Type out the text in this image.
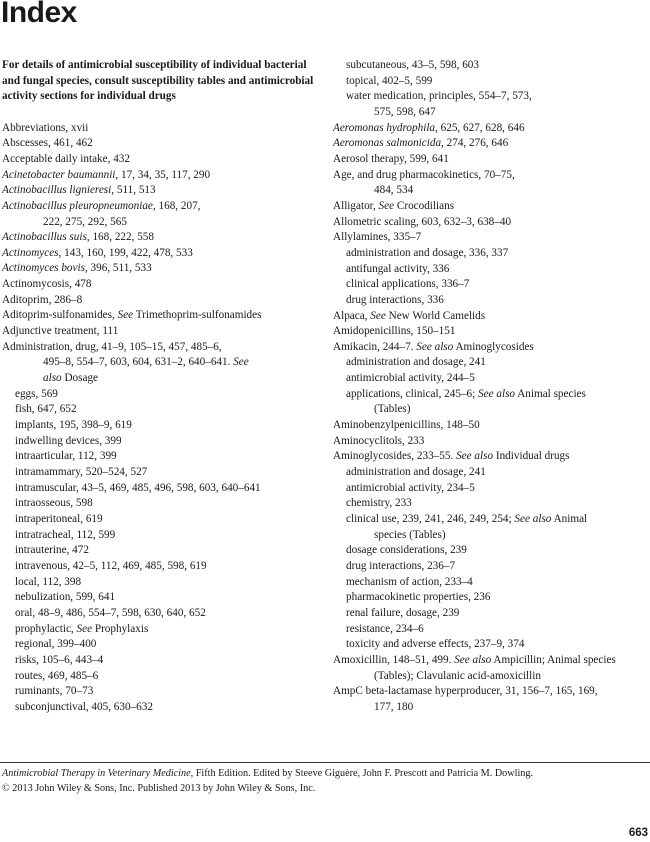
Index
For details of antimicrobial susceptibility of individual bacterial and fungal species, consult susceptibility tables and antimicrobial activity sections for individual drugs
Abbreviations, xvii
Abscesses, 461, 462
Acceptable daily intake, 432
Acinetobacter baumannii, 17, 34, 35, 117, 290
Actinobacillus lignieresi, 511, 513
Actinobacillus pleuropneumoniae, 168, 207,
222, 275, 292, 565
Actinobacillus suis, 168, 222, 558
Actinomyces, 143, 160, 199, 422, 478, 533
Actinomyces bovis, 396, 511, 533
Actinomycosis, 478
Aditoprim, 286–8
Aditoprim-sulfonamides, See Trimethoprim-sulfonamides
Adjunctive treatment, 111
Administration, drug, 41–9, 105–15, 457, 485–6,
495–8, 554–7, 603, 604, 631–2, 640–641. See
also Dosage
eggs, 569
fish, 647, 652
implants, 195, 398–9, 619
indwelling devices, 399
intraarticular, 112, 399
intramammary, 520–524, 527
intramuscular, 43–5, 469, 485, 496, 598, 603, 640–641
intraosseous, 598
intraperitoneal, 619
intratracheal, 112, 599
intrauterine, 472
intravenous, 42–5, 112, 469, 485, 598, 619
local, 112, 398
nebulization, 599, 641
oral, 48–9, 486, 554–7, 598, 630, 640, 652
prophylactic, See Prophylaxis
regional, 399–400
risks, 105–6, 443–4
routes, 469, 485–6
ruminants, 70–73
subconjunctival, 405, 630–632
subcutaneous, 43–5, 598, 603
topical, 402–5, 599
water medication, principles, 554–7, 573,
575, 598, 647
Aeromonas hydrophila, 625, 627, 628, 646
Aeromonas salmonicida, 274, 276, 646
Aerosol therapy, 599, 641
Age, and drug pharmacokinetics, 70–75,
484, 534
Alligator, See Crocodilians
Allometric scaling, 603, 632–3, 638–40
Allylamines, 335–7
administration and dosage, 336, 337
antifungal activity, 336
clinical applications, 336–7
drug interactions, 336
Alpaca, See New World Camelids
Amidopenicillins, 150–151
Amikacin, 244–7. See also Aminoglycosides
administration and dosage, 241
antimicrobial activity, 244–5
applications, clinical, 245–6; See also Animal species
(Tables)
Aminobenzylpenicillins, 148–50
Aminocyclitols, 233
Aminoglycosides, 233–55. See also Individual drugs
administration and dosage, 241
antimicrobial activity, 234–5
chemistry, 233
clinical use, 239, 241, 246, 249, 254; See also Animal
species (Tables)
dosage considerations, 239
drug interactions, 236–7
mechanism of action, 233–4
pharmacokinetic properties, 236
renal failure, dosage, 239
resistance, 234–6
toxicity and adverse effects, 237–9, 374
Amoxicillin, 148–51, 499. See also Ampicillin; Animal species
(Tables); Clavulanic acid-amoxicillin
AmpC beta-lactamase hyperproducer, 31, 156–7, 165, 169,
177, 180
Antimicrobial Therapy in Veterinary Medicine, Fifth Edition. Edited by Steeve Giguère, John F. Prescott and Patricia M. Dowling.
© 2013 John Wiley & Sons, Inc. Published 2013 by John Wiley & Sons, Inc.
663
